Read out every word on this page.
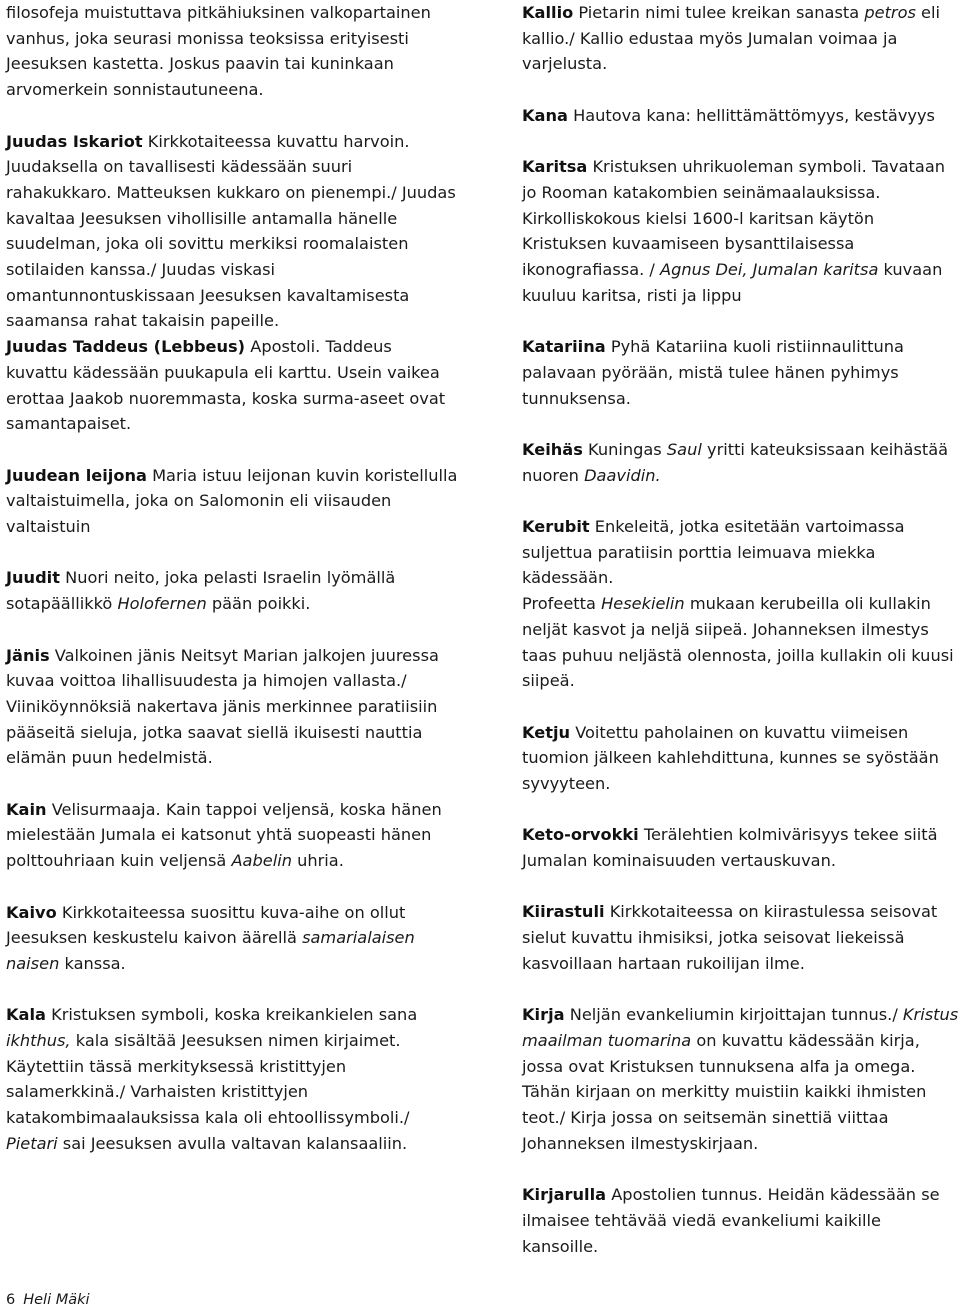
filosofeja muistuttava pitkähiuksinen valkopartainen vanhus, joka seurasi monissa teoksissa erityisesti Jeesuksen kastetta. Joskus paavin tai kuninkaan arvomerkein sonnistautuneena.

Juudas Iskariot Kirkkotaiteessa kuvattu harvoin. Juudaksella on tavallisesti kädessään suuri rahakukkaro. Matteuksen kukkaro on pienempi./ Juudas kavaltaa Jeesuksen vihollisille antamalla hänelle suudelman, joka oli sovittu merkiksi roomalaisten sotilaiden kanssa./ Juudas viskasi omantunnontuskissaan Jeesuksen kavaltamisesta saamansa rahat takaisin papeille.

Juudas Taddeus (Lebbeus) Apostoli. Taddeus kuvattu kädessään puukapula eli karttu. Usein vaikea erottaa Jaakob nuoremmasta, koska surma-aseet ovat samantapaiset.

Juudean leijona Maria istuu leijonan kuvin koristellulla valtaistuimella, joka on Salomonin eli viisauden valtaistuin

Juudit Nuori neito, joka pelasti Israelin lyömällä sotapäällikkö Holofernen pään poikki.

Jänis Valkoinen jänis Neitsyt Marian jalkojen juuressa kuvaa voittoa lihallisuudesta ja himojen vallasta./ Viiniköynnöksiä nakertava jänis merkinnee paratiisiin pääseitä sieluja, jotka saavat siellä ikuisesti nauttia elämän puun hedelmistä.

Kain Velisurmaaja. Kain tappoi veljensä, koska hänen mielestään Jumala ei katsonut yhtä suopeasti hänen polttouhriaan kuin veljensä Aabelin uhria.

Kaivo Kirkkotaiteessa suosittu kuva-aihe on ollut Jeesuksen keskustelu kaivon äärellä samarialaisen naisen kanssa.

Kala Kristuksen symboli, koska kreikankielen sana ikhthus, kala sisältää Jeesuksen nimen kirjaimet. Käytettiin tässä merkityksessä kristittyjen salamerkkinä./ Varhaisten kristittyjen katakombimaalauksissa kala oli ehtoollissymboli./ Pietari sai Jeesuksen avulla valtavan kalansaaliin.

Kallio Pietarin nimi tulee kreikan sanasta petros eli kallio./ Kallio edustaa myös Jumalan voimaa ja varjelusta.

Kana Hautova kana: hellittämättömyys, kestävyys

Karitsa Kristuksen uhrikuoleman symboli. Tavataan jo Rooman katakombien seinämaalauksissa. Kirkolliskokous kielsi 1600-l karitsan käytön Kristuksen kuvaamiseen bysanttilaisessa ikonografiassa. / Agnus Dei, Jumalan karitsa kuvaan kuuluu karitsa, risti ja lippu

Katariina Pyhä Katariina kuoli ristiinnaulittuna palavaan pyörään, mistä tulee hänen pyhimys tunnuksensa.

Keihäs Kuningas Saul yritti kateuksissaan keihästää nuoren Daavidin.

Kerubit Enkeleitä, jotka esitetään vartoimassa suljettua paratiisin porttia leimuava miekka kädessään.
Profeetta Hesekielin mukaan kerubeilla oli kullakin neljät kasvot ja neljä siipeä. Johanneksen ilmestys taas puhuu neljästä olennosta, joilla kullakin oli kuusi siipeä.

Ketju Voitettu paholainen on kuvattu viimeisen tuomion jälkeen kahlehdittuna, kunnes se syöstään syvyyteen.

Keto-orvokki Terälehtien kolmivärisyys tekee siitä Jumalan kominaisuuden vertauskuvan.

Kiirastuli Kirkkotaiteessa on kiirastulessa seisovat sielut kuvattu ihmisiksi, jotka seisovat liekeissä kasvoillaan hartaan rukoilijan ilme.

Kirja Neljän evankeliumin kirjoittajan tunnus./ Kristus maailman tuomarina on kuvattu kädessään kirja, jossa ovat Kristuksen tunnuksena alfa ja omega. Tähän kirjaan on merkitty muistiin kaikki ihmisten teot./ Kirja jossa on seitsemän sinettiä viittaa Johanneksen ilmestyskirjaan.

Kirjarulla Apostolien tunnus. Heidän kädessään se ilmaisee tehtävää viedä evankeliumi kaikille kansoille.

6 Heli Mäki
